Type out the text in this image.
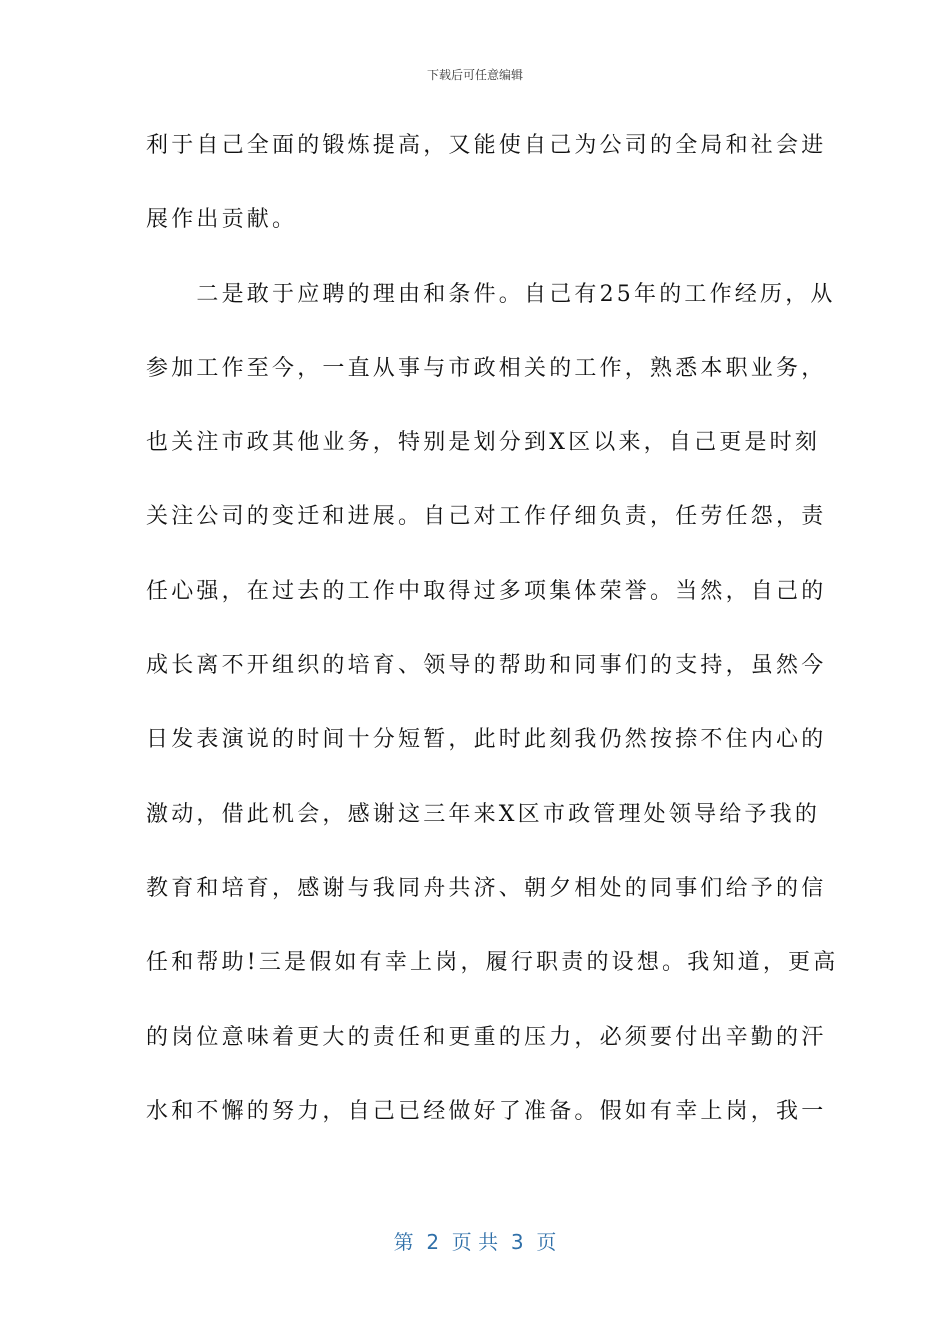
下载后可任意编辑
利于自己全面的锻炼提高，又能使自己为公司的全局和社会进
展作出贡献。
　　二是敢于应聘的理由和条件。自己有25年的工作经历，从
参加工作至今，一直从事与市政相关的工作，熟悉本职业务，
也关注市政其他业务，特别是划分到X区以来，自己更是时刻
关注公司的变迁和进展。自己对工作仔细负责，任劳任怨，责
任心强，在过去的工作中取得过多项集体荣誉。当然，自己的
成长离不开组织的培育、领导的帮助和同事们的支持，虽然今
日发表演说的时间十分短暂，此时此刻我仍然按捺不住内心的
激动，借此机会，感谢这三年来X区市政管理处领导给予我的
教育和培育，感谢与我同舟共济、朝夕相处的同事们给予的信
任和帮助!三是假如有幸上岗，履行职责的设想。我知道，更高
的岗位意味着更大的责任和更重的压力，必须要付出辛勤的汗
水和不懈的努力，自己已经做好了准备。假如有幸上岗，我一
第  2  页 共  3  页
